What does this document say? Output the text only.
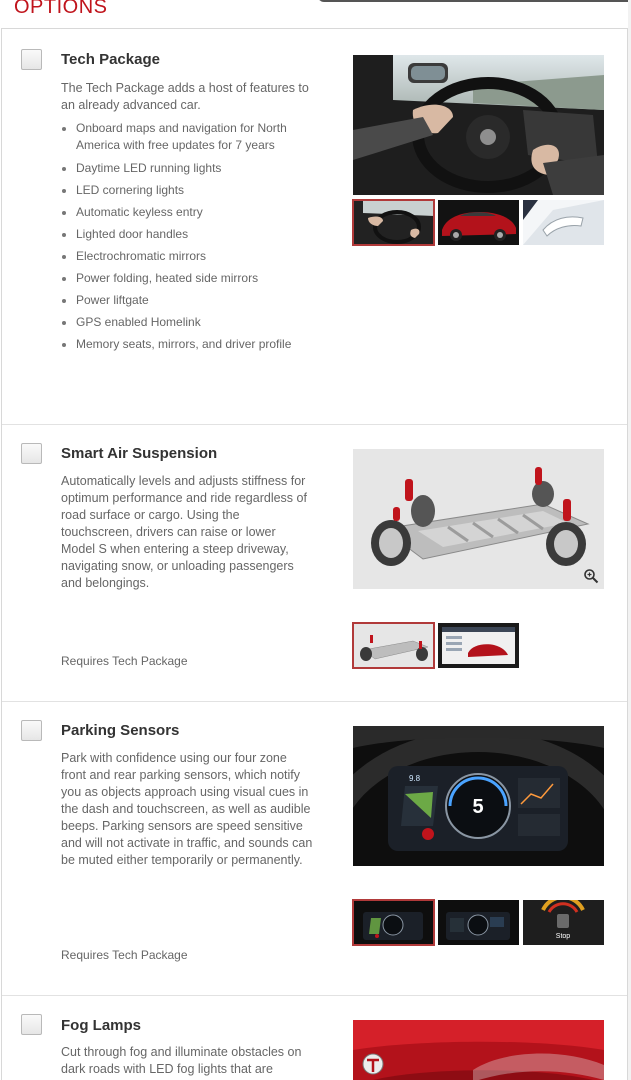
OPTIONS
Tech Package
The Tech Package adds a host of features to an already advanced car.
Onboard maps and navigation for North America with free updates for 7 years
Daytime LED running lights
LED cornering lights
Automatic keyless entry
Lighted door handles
Electrochromatic mirrors
Power folding, heated side mirrors
Power liftgate
GPS enabled Homelink
Memory seats, mirrors, and driver profile
Smart Air Suspension
Automatically levels and adjusts stiffness for optimum performance and ride regardless of road surface or cargo. Using the touchscreen, drivers can raise or lower Model S when entering a steep driveway, navigating snow, or unloading passengers and belongings.
Requires Tech Package
Parking Sensors
Park with confidence using our four zone front and rear parking sensors, which notify you as objects approach using visual cues in the dash and touchscreen, as well as audible beeps. Parking sensors are speed sensitive and will not activate in traffic, and sounds can be muted either temporarily or permanently.
Requires Tech Package
5
9.8
Stop
Fog Lamps
Cut through fog and illuminate obstacles on dark roads with LED fog lights that are
